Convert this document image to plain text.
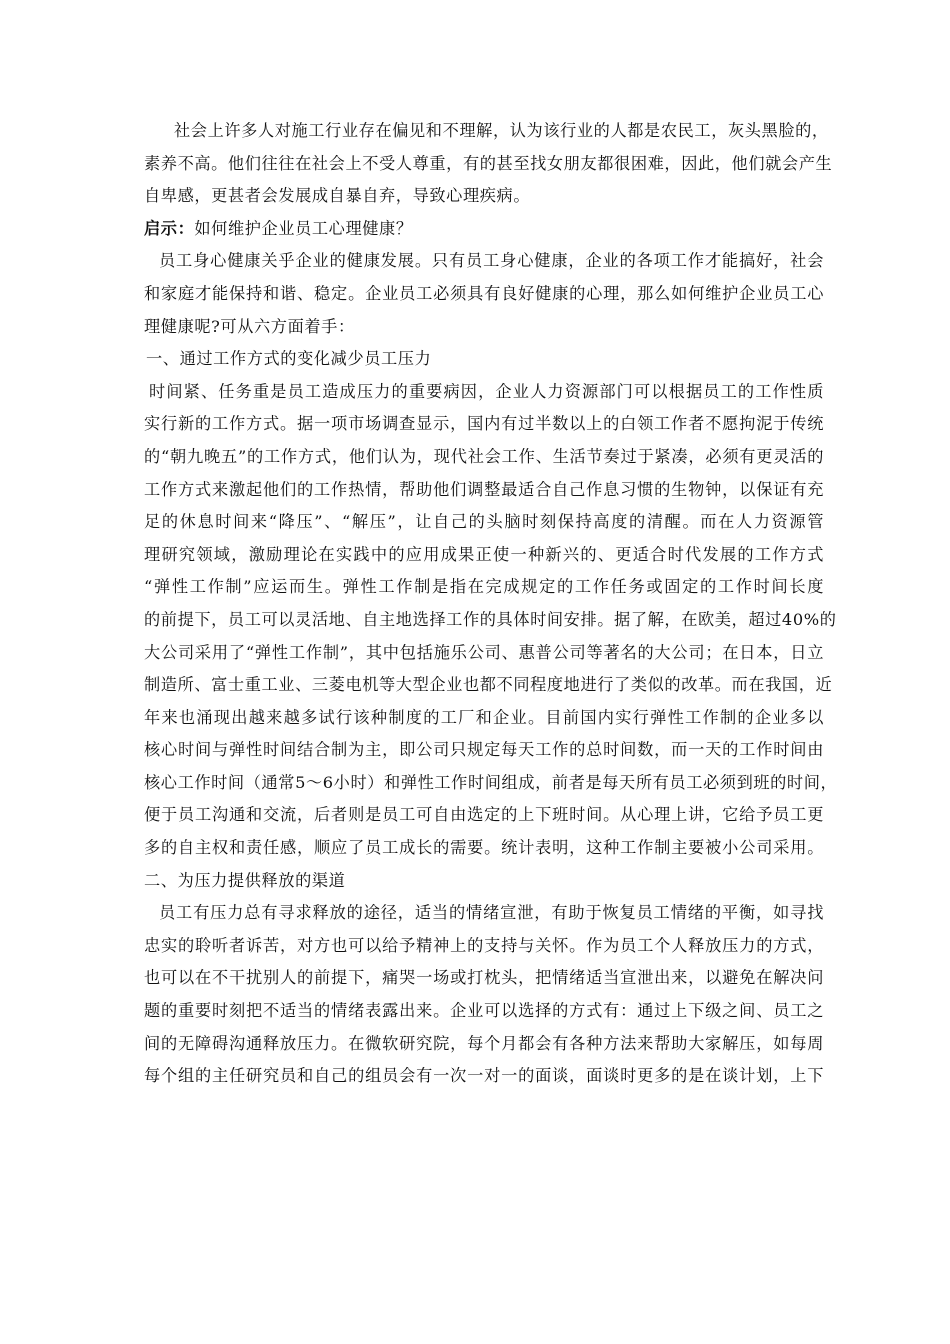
社会上许多人对施工行业存在偏见和不理解，认为该行业的人都是农民工，灰头黑脸的，
素养不高。他们往往在社会上不受人尊重，有的甚至找女朋友都很困难，因此，他们就会产生
自卑感，更甚者会发展成自暴自弃，导致心理疾病。
启示：如何维护企业员工心理健康？
员工身心健康关乎企业的健康发展。只有员工身心健康，企业的各项工作才能搞好，社会
和家庭才能保持和谐、稳定。企业员工必须具有良好健康的心理，那么如何维护企业员工心
理健康呢?可从六方面着手：
一、通过工作方式的变化减少员工压力
时间紧、任务重是员工造成压力的重要病因，企业人力资源部门可以根据员工的工作性质
实行新的工作方式。据一项市场调查显示，国内有过半数以上的白领工作者不愿拘泥于传统
的“朝九晚五”的工作方式，他们认为，现代社会工作、生活节奏过于紧凑，必须有更灵活的
工作方式来激起他们的工作热情，帮助他们调整最适合自己作息习惯的生物钟，以保证有充
足的休息时间来“降压”、“解压”，让自己的头脑时刻保持高度的清醒。而在人力资源管
理研究领域，激励理论在实践中的应用成果正使一种新兴的、更适合时代发展的工作方式
“弹性工作制”应运而生。弹性工作制是指在完成规定的工作任务或固定的工作时间长度
的前提下，员工可以灵活地、自主地选择工作的具体时间安排。据了解，在欧美，超过40%的
大公司采用了“弹性工作制”，其中包括施乐公司、惠普公司等著名的大公司；在日本，日立
制造所、富士重工业、三菱电机等大型企业也都不同程度地进行了类似的改革。而在我国，近
年来也涌现出越来越多试行该种制度的工厂和企业。目前国内实行弹性工作制的企业多以
核心时间与弹性时间结合制为主，即公司只规定每天工作的总时间数，而一天的工作时间由
核心工作时间（通常5～6小时）和弹性工作时间组成，前者是每天所有员工必须到班的时间，
便于员工沟通和交流，后者则是员工可自由选定的上下班时间。从心理上讲，它给予员工更
多的自主权和责任感，顺应了员工成长的需要。统计表明，这种工作制主要被小公司采用。
二、为压力提供释放的渠道
员工有压力总有寻求释放的途径，适当的情绪宣泄，有助于恢复员工情绪的平衡，如寻找
忠实的聆听者诉苦，对方也可以给予精神上的支持与关怀。作为员工个人释放压力的方式，
也可以在不干扰别人的前提下，痛哭一场或打枕头，把情绪适当宣泄出来，以避免在解决问
题的重要时刻把不适当的情绪表露出来。企业可以选择的方式有：通过上下级之间、员工之
间的无障碍沟通释放压力。在微软研究院，每个月都会有各种方法来帮助大家解压，如每周
每个组的主任研究员和自己的组员会有一次一对一的面谈，面谈时更多的是在谈计划，上下
